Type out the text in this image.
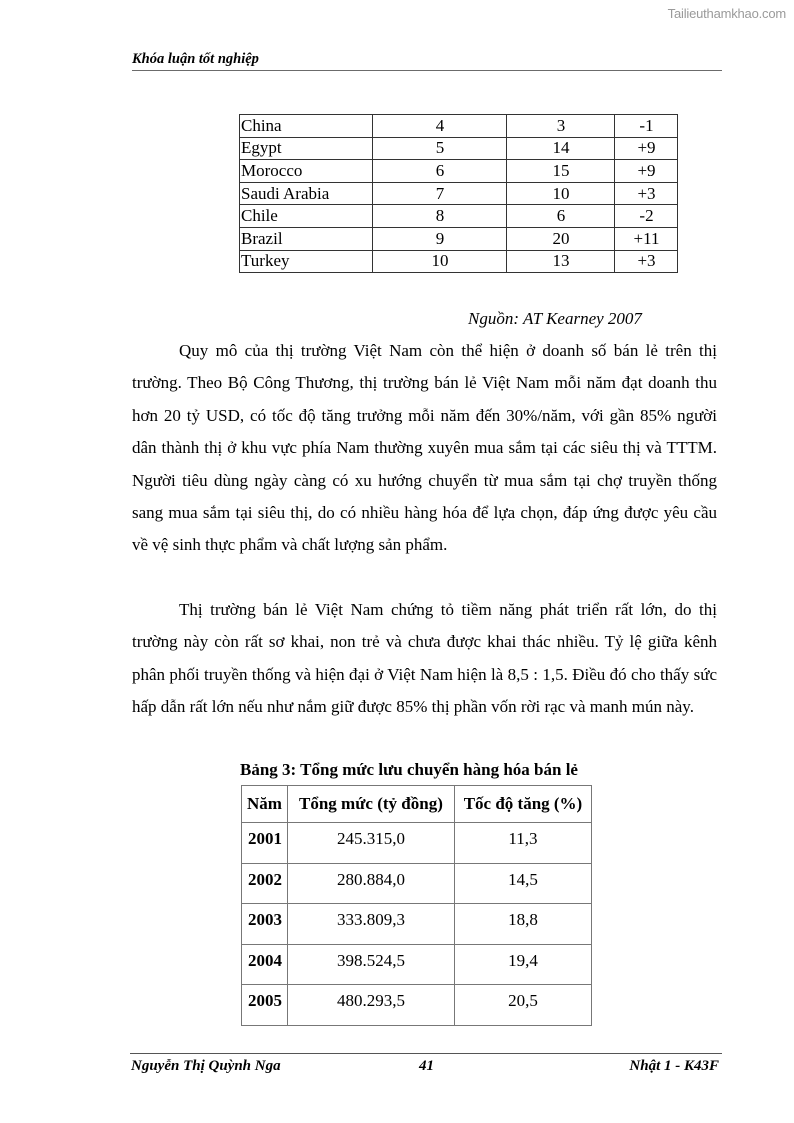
Tailieuthamkhao.com
Khóa luận tốt nghiệp
China	4	3	-1
Egypt	5	14	+9
Morocco	6	15	+9
Saudi Arabia	7	10	+3
Chile	8	6	-2
Brazil	9	20	+11
Turkey	10	13	+3
Nguồn: AT Kearney 2007

Quy mô của thị trường Việt Nam còn thể hiện ở doanh số bán lẻ trên thị trường. Theo Bộ Công Thương, thị trường bán lẻ Việt Nam mỗi năm đạt doanh thu hơn 20 tỷ USD, có tốc độ tăng trưởng mỗi năm đến 30%/năm, với gần 85% người dân thành thị ở khu vực phía Nam thường xuyên mua sắm tại các siêu thị và TTTM. Người tiêu dùng ngày càng có xu hướng chuyển từ mua sắm tại chợ truyền thống sang mua sắm tại siêu thị, do có nhiều hàng hóa để lựa chọn, đáp ứng được yêu cầu về vệ sinh thực phẩm và chất lượng sản phẩm.

Thị trường bán lẻ Việt Nam chứng tỏ tiềm năng phát triển rất lớn, do thị trường này còn rất sơ khai, non trẻ và chưa được khai thác nhiều. Tỷ lệ giữa kênh phân phối truyền thống và hiện đại ở Việt Nam hiện là 8,5 : 1,5. Điều đó cho thấy sức hấp dẫn rất lớn nếu như nắm giữ được 85% thị phần vốn rời rạc và manh mún này.

Bảng 3: Tổng mức lưu chuyển hàng hóa bán lẻ
Năm	Tổng mức (tỷ đồng)	Tốc độ tăng (%)
2001	245.315,0	11,3
2002	280.884,0	14,5
2003	333.809,3	18,8
2004	398.524,5	19,4
2005	480.293,5	20,5
Nguyễn Thị Quỳnh Nga	41	Nhật 1 - K43F
